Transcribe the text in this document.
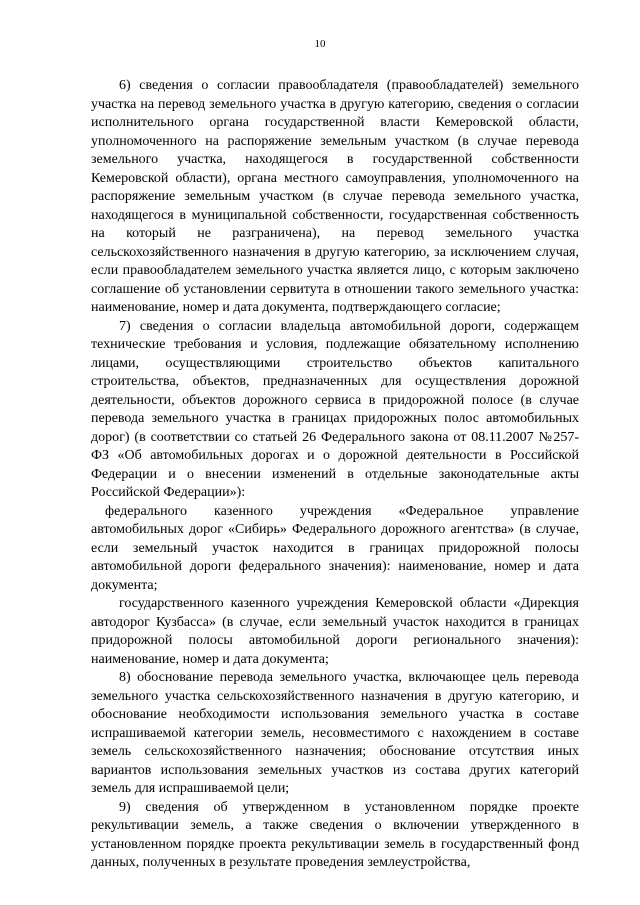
10

6) сведения о согласии правообладателя (правообладателей) земельного участка на перевод земельного участка в другую категорию, сведения о согласии исполнительного органа государственной власти Кемеровской области, уполномоченного на распоряжение земельным участком (в случае перевода земельного участка, находящегося в государственной собственности Кемеровской области), органа местного самоуправления, уполномоченного на распоряжение земельным участком (в случае перевода земельного участка, находящегося в муниципальной собственности, государственная собственность на который не разграничена), на перевод земельного участка сельскохозяйственного назначения в другую категорию, за исключением случая, если правообладателем земельного участка является лицо, с которым заключено соглашение об установлении сервитута в отношении такого земельного участка: наименование, номер и дата документа, подтверждающего согласие;

7) сведения о согласии владельца автомобильной дороги, содержащем технические требования и условия, подлежащие обязательному исполнению лицами, осуществляющими строительство объектов капитального строительства, объектов, предназначенных для осуществления дорожной деятельности, объектов дорожного сервиса в придорожной полосе (в случае перевода земельного участка в границах придорожных полос автомобильных дорог) (в соответствии со статьей 26 Федерального закона от 08.11.2007 №257-ФЗ «Об автомобильных дорогах и о дорожной деятельности в Российской Федерации и о внесении изменений в отдельные законодательные акты Российской Федерации»):

федерального казенного учреждения «Федеральное управление автомобильных дорог «Сибирь» Федерального дорожного агентства» (в случае, если земельный участок находится в границах придорожной полосы автомобильной дороги федерального значения): наименование, номер и дата документа;

государственного казенного учреждения Кемеровской области «Дирекция автодорог Кузбасса» (в случае, если земельный участок находится в границах придорожной полосы автомобильной дороги регионального значения): наименование, номер и дата документа;

8) обоснование перевода земельного участка, включающее цель перевода земельного участка сельскохозяйственного назначения в другую категорию, и обоснование необходимости использования земельного участка в составе испрашиваемой категории земель, несовместимого с нахождением в составе земель сельскохозяйственного назначения; обоснование отсутствия иных вариантов использования земельных участков из состава других категорий земель для испрашиваемой цели;

9) сведения об утвержденном в установленном порядке проекте рекультивации земель, а также сведения о включении утвержденного в установленном порядке проекта рекультивации земель в государственный фонд данных, полученных в результате проведения землеустройства,
